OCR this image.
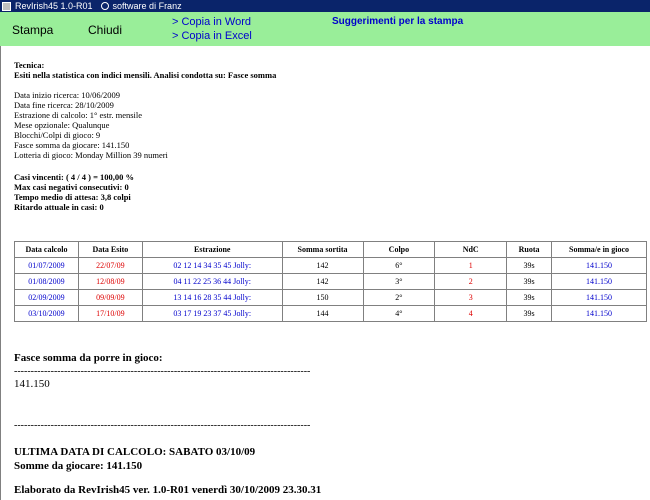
RevIrish45 1.0-R01 software di Franz
Stampa	Chiudi
> Copia in Word
> Copia in Excel
Suggerimenti per la stampa
Tecnica:
Esiti nella statistica con indici mensili. Analisi condotta su: Fasce somma
Data inizio ricerca: 10/06/2009
Data fine ricerca: 28/10/2009
Estrazione di calcolo: 1° estr. mensile
Mese opzionale: Qualunque
Blocchi/Colpi di gioco: 9
Fasce somma da giocare: 141.150
Lotteria di gioco: Monday Million 39 numeri
Casi vincenti: ( 4 / 4 ) = 100,00 %
Max casi negativi consecutivi: 0
Tempo medio di attesa: 3,8 colpi
Ritardo attuale in casi: 0
Data calcolo	Data Esito	Estrazione	Somma sortita	Colpo	NdC	Ruota	Somma/e in gioco
01/07/2009	22/07/09	02 12 14 34 35 45 Jolly:	142	6°	1	39s	141.150
01/08/2009	12/08/09	04 11 22 25 36 44 Jolly:	142	3°	2	39s	141.150
02/09/2009	09/09/09	13 14 16 28 35 44 Jolly:	150	2°	3	39s	141.150
03/10/2009	17/10/09	03 17 19 23 37 45 Jolly:	144	4°	4	39s	141.150
Fasce somma da porre in gioco:
-----------------------------------------------------------------------------------------
141.150
-----------------------------------------------------------------------------------------
ULTIMA DATA DI CALCOLO: SABATO 03/10/09
Somme da giocare: 141.150
Elaborato da RevIrish45 ver. 1.0-R01 venerdì 30/10/2009 23.30.31
